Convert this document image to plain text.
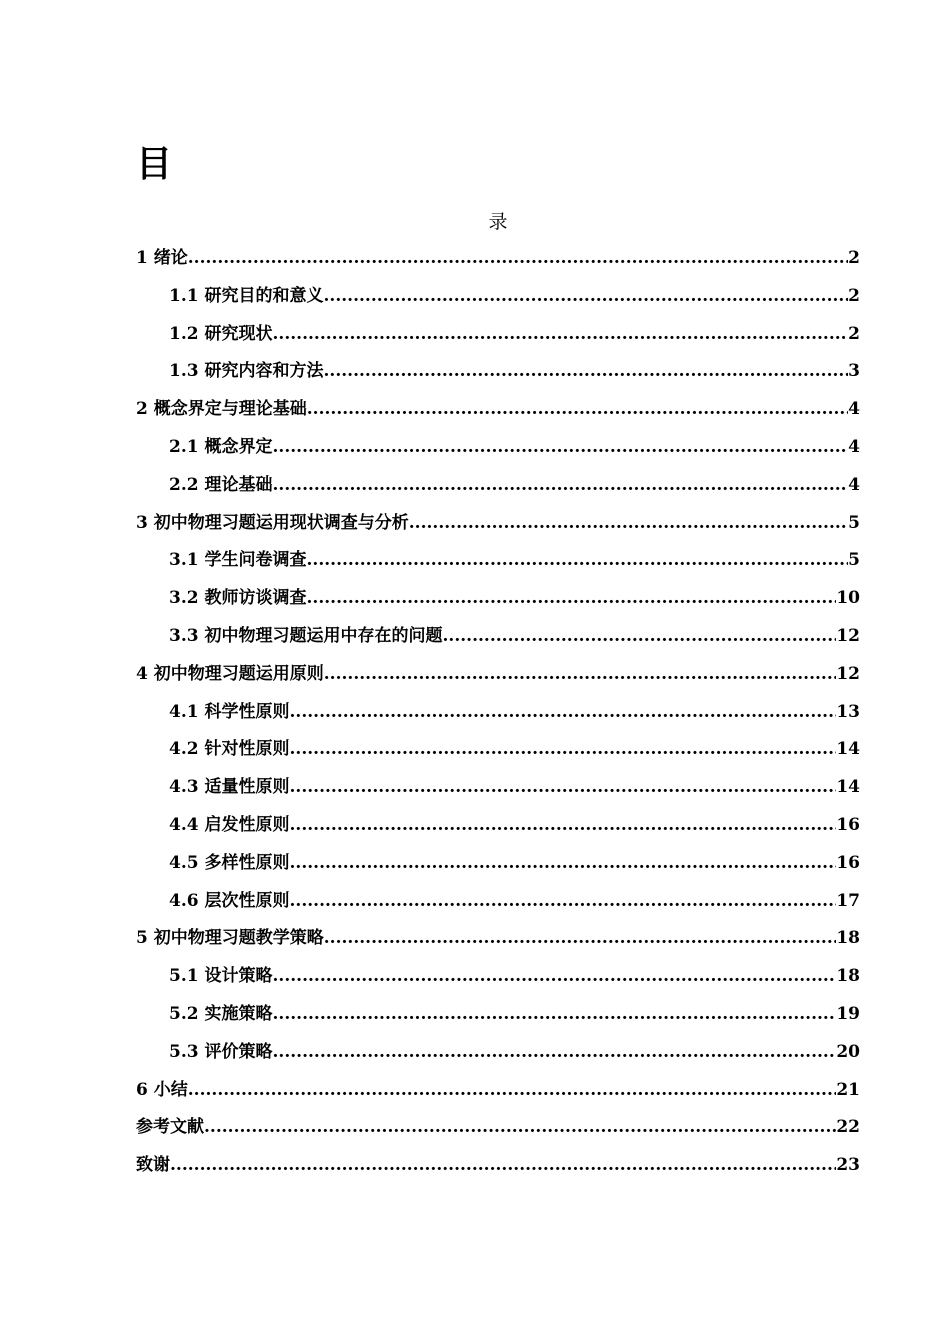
目
录
1 绪论 .....	2
1.1 研究目的和意义 .....	2
1.2 研究现状 .....	2
1.3 研究内容和方法 .....	3
2 概念界定与理论基础 .....	4
2.1 概念界定 .....	4
2.2 理论基础 .....	4
3 初中物理习题运用现状调查与分析 .....	5
3.1 学生问卷调查 .....	5
3.2 教师访谈调查 .....	10
3.3 初中物理习题运用中存在的问题 .....	12
4 初中物理习题运用原则 .....	12
4.1 科学性原则 .....	13
4.2 针对性原则 .....	14
4.3 适量性原则 .....	14
4.4 启发性原则 .....	16
4.5 多样性原则 .....	16
4.6 层次性原则 .....	17
5 初中物理习题教学策略 .....	18
5.1 设计策略 .....	18
5.2 实施策略 .....	19
5.3 评价策略 .....	20
6 小结 .....	21
参考文献 .....	22
致谢 .....	23
